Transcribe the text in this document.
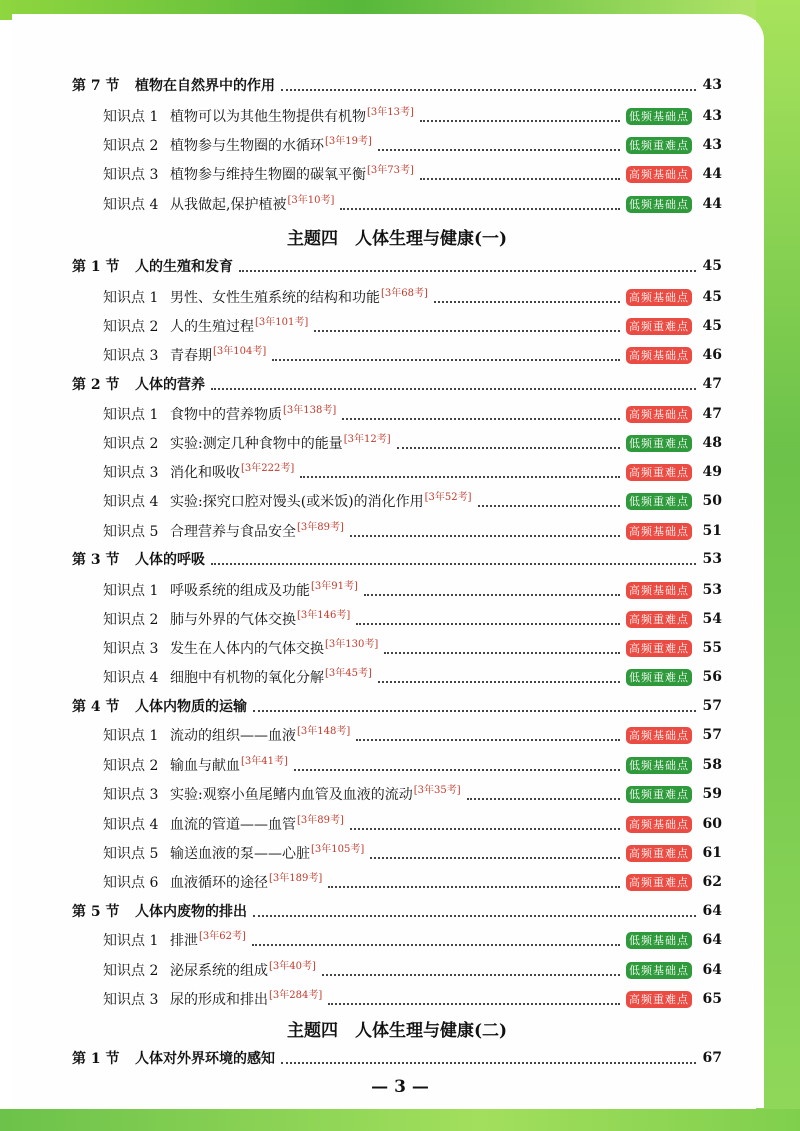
第 7 节	植物在自然界中的作用	43
知识点 1 植物可以为其他生物提供有机物 [3年13考]	低频基础点 43
知识点 2 植物参与生物圈的水循环 [3年19考]	低频重难点 43
知识点 3 植物参与维持生物圈的碳氧平衡 [3年73考]	高频基础点 44
知识点 4 从我做起,保护植被 [3年10考]	低频基础点 44
主题四　人体生理与健康(一)
第 1 节	人的生殖和发育	45
知识点 1 男性、女性生殖系统的结构和功能 [3年68考]	高频基础点 45
知识点 2 人的生殖过程 [3年101考]	高频重难点 45
知识点 3 青春期 [3年104考]	高频基础点 46
第 2 节	人体的营养	47
知识点 1 食物中的营养物质 [3年138考]	高频基础点 47
知识点 2 实验:测定几种食物中的能量 [3年12考]	低频重难点 48
知识点 3 消化和吸收 [3年222考]	高频重难点 49
知识点 4 实验:探究口腔对馒头(或米饭)的消化作用 [3年52考]	低频重难点 50
知识点 5 合理营养与食品安全 [3年89考]	高频基础点 51
第 3 节	人体的呼吸	53
知识点 1 呼吸系统的组成及功能 [3年91考]	高频基础点 53
知识点 2 肺与外界的气体交换 [3年146考]	高频重难点 54
知识点 3 发生在人体内的气体交换 [3年130考]	高频重难点 55
知识点 4 细胞中有机物的氧化分解 [3年45考]	低频重难点 56
第 4 节	人体内物质的运输	57
知识点 1 流动的组织——血液 [3年148考]	高频基础点 57
知识点 2 输血与献血 [3年41考]	低频基础点 58
知识点 3 实验:观察小鱼尾鳍内血管及血液的流动 [3年35考]	低频重难点 59
知识点 4 血流的管道——血管 [3年89考]	高频基础点 60
知识点 5 输送血液的泵——心脏 [3年105考]	高频重难点 61
知识点 6 血液循环的途径 [3年189考]	高频重难点 62
第 5 节	人体内废物的排出	64
知识点 1 排泄 [3年62考]	低频基础点 64
知识点 2 泌尿系统的组成 [3年40考]	低频基础点 64
知识点 3 尿的形成和排出 [3年284考]	高频重难点 65
主题四　人体生理与健康(二)
第 1 节	人体对外界环境的感知	67
— 3 —
